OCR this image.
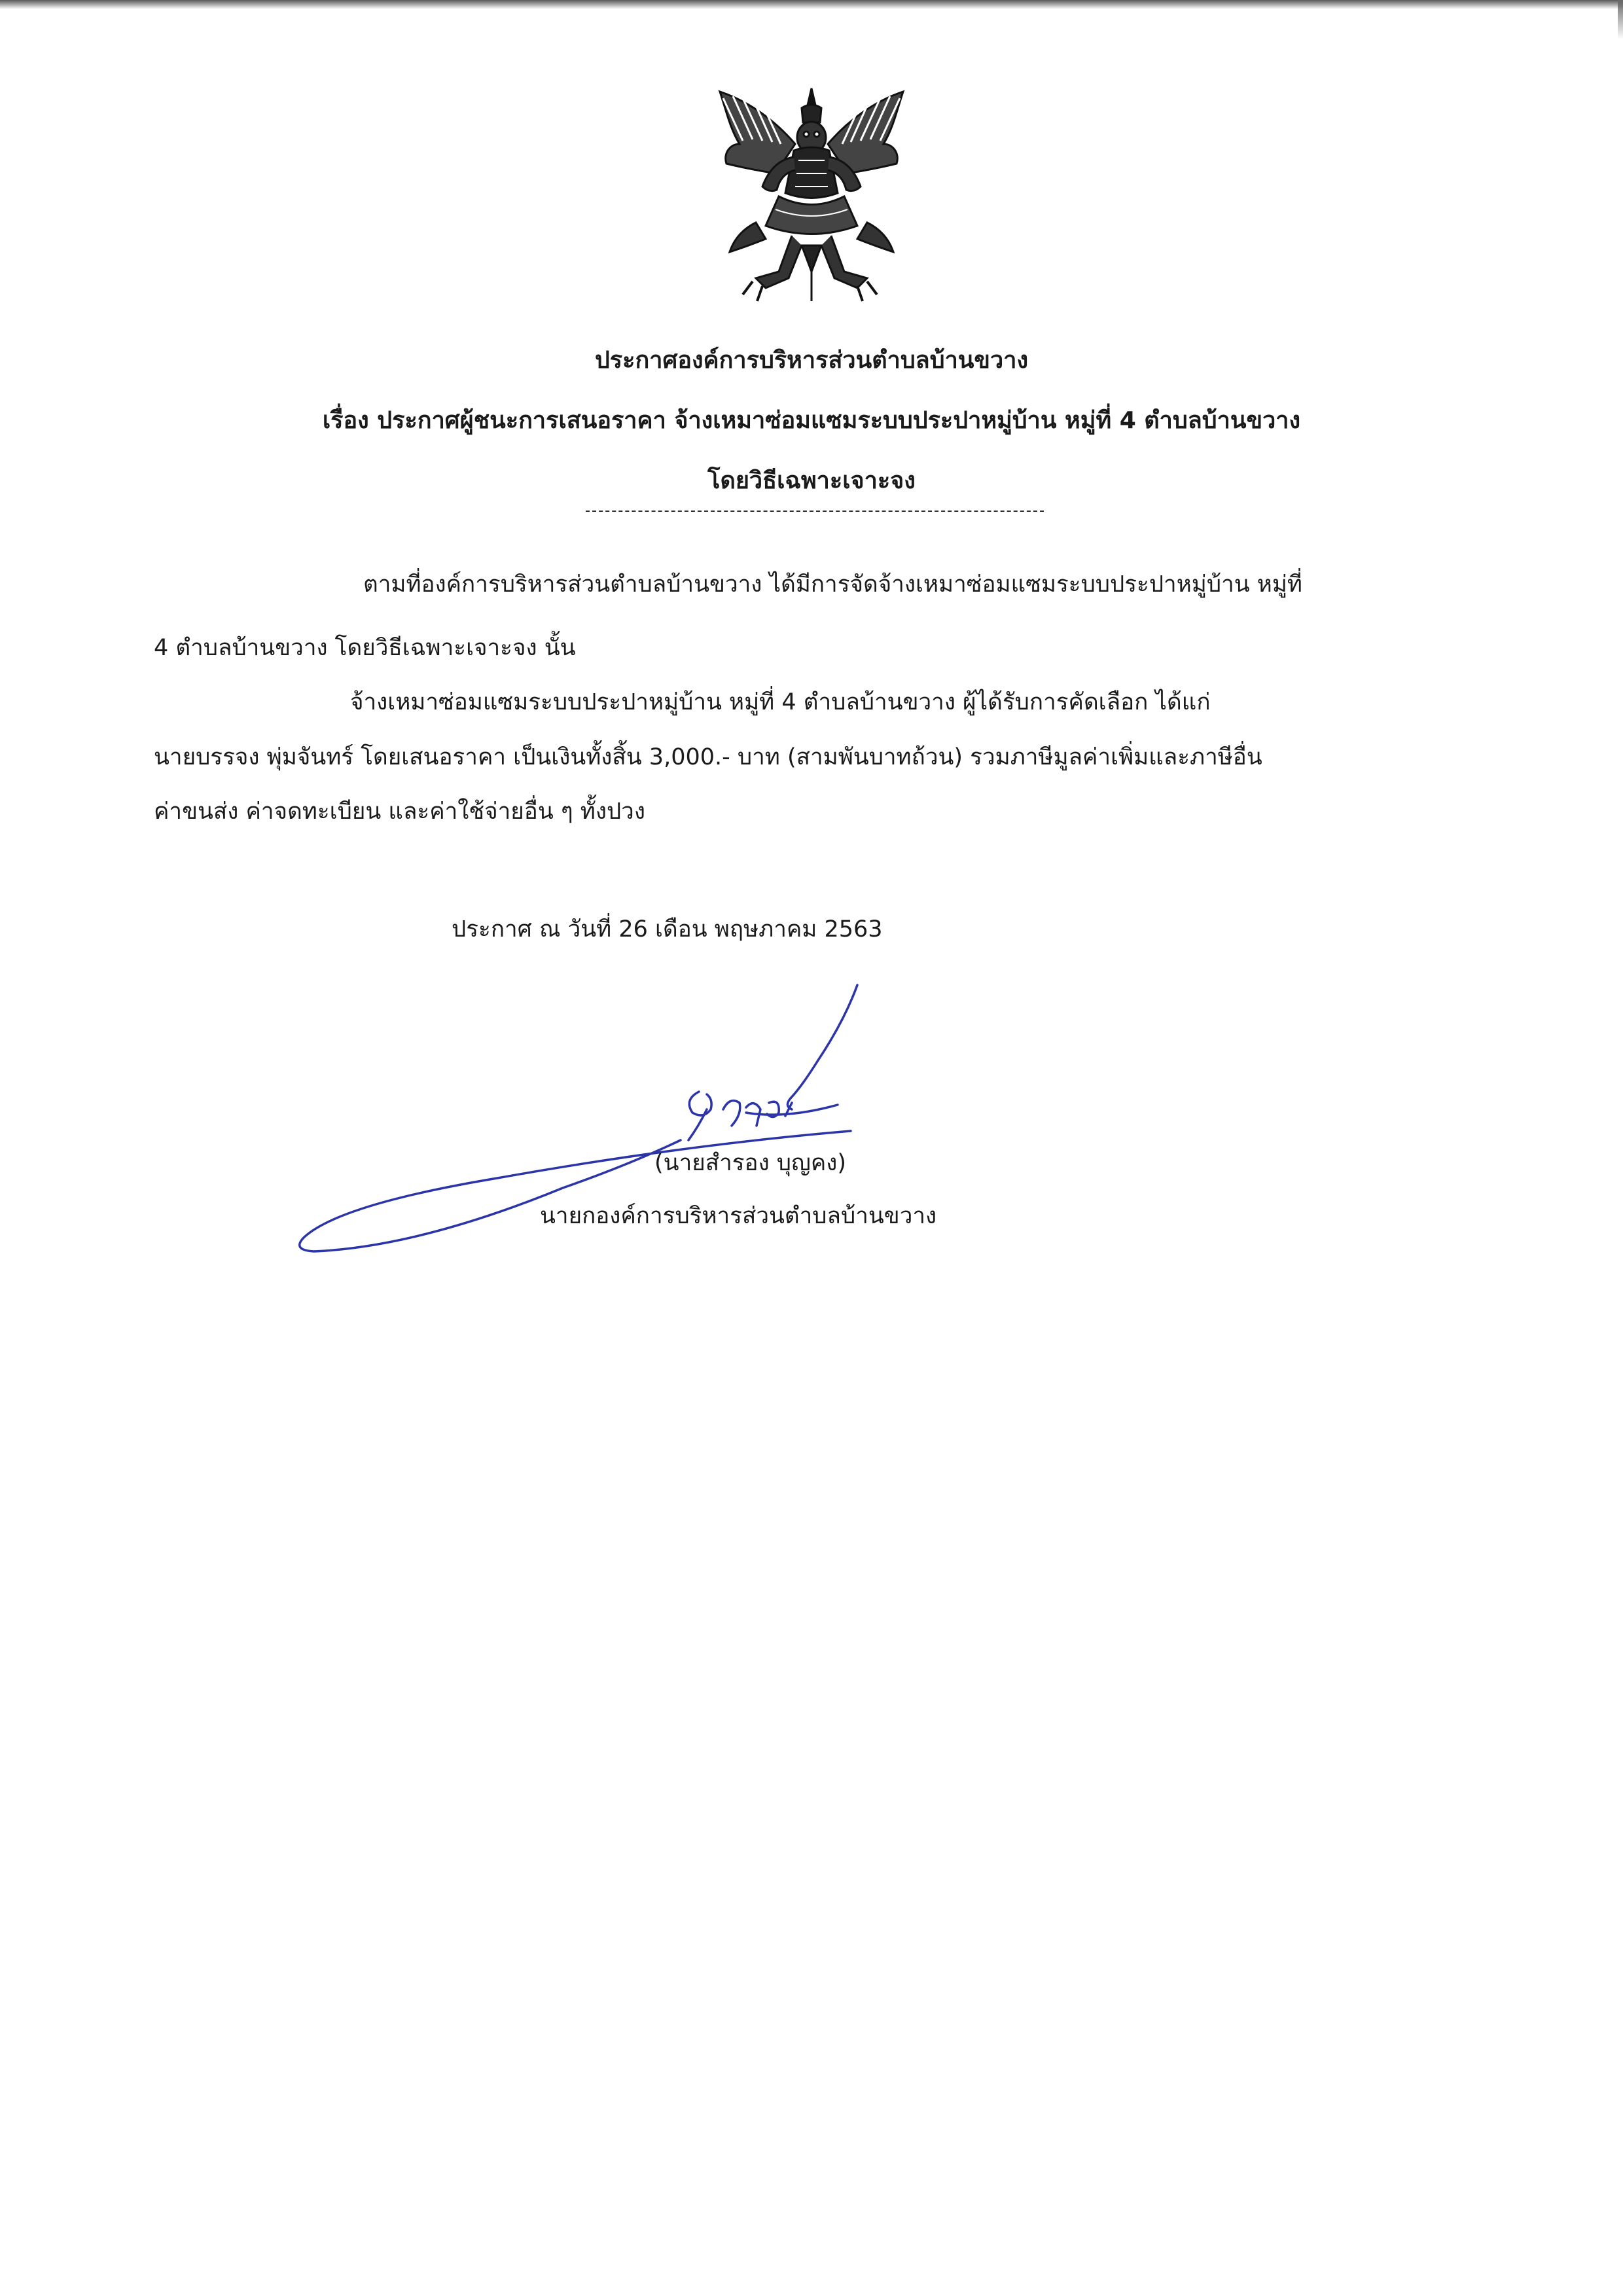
ประกาศองค์การบริหารส่วนตำบลบ้านขวาง
เรื่อง ประกาศผู้ชนะการเสนอราคา จ้างเหมาซ่อมแซมระบบประปาหมู่บ้าน หมู่ที่ 4 ตำบลบ้านขวาง
โดยวิธีเฉพาะเจาะจง
ตามที่องค์การบริหารส่วนตำบลบ้านขวาง ได้มีการจัดจ้างเหมาซ่อมแซมระบบประปาหมู่บ้าน หมู่ที่
4 ตำบลบ้านขวาง โดยวิธีเฉพาะเจาะจง นั้น
จ้างเหมาซ่อมแซมระบบประปาหมู่บ้าน หมู่ที่ 4 ตำบลบ้านขวาง ผู้ได้รับการคัดเลือก ได้แก่
นายบรรจง พุ่มจันทร์ โดยเสนอราคา เป็นเงินทั้งสิ้น 3,000.- บาท (สามพันบาทถ้วน) รวมภาษีมูลค่าเพิ่มและภาษีอื่น
ค่าขนส่ง ค่าจดทะเบียน และค่าใช้จ่ายอื่น ๆ ทั้งปวง
ประกาศ ณ วันที่ 26 เดือน พฤษภาคม 2563
(นายสำรอง บุญคง)
นายกองค์การบริหารส่วนตำบลบ้านขวาง
